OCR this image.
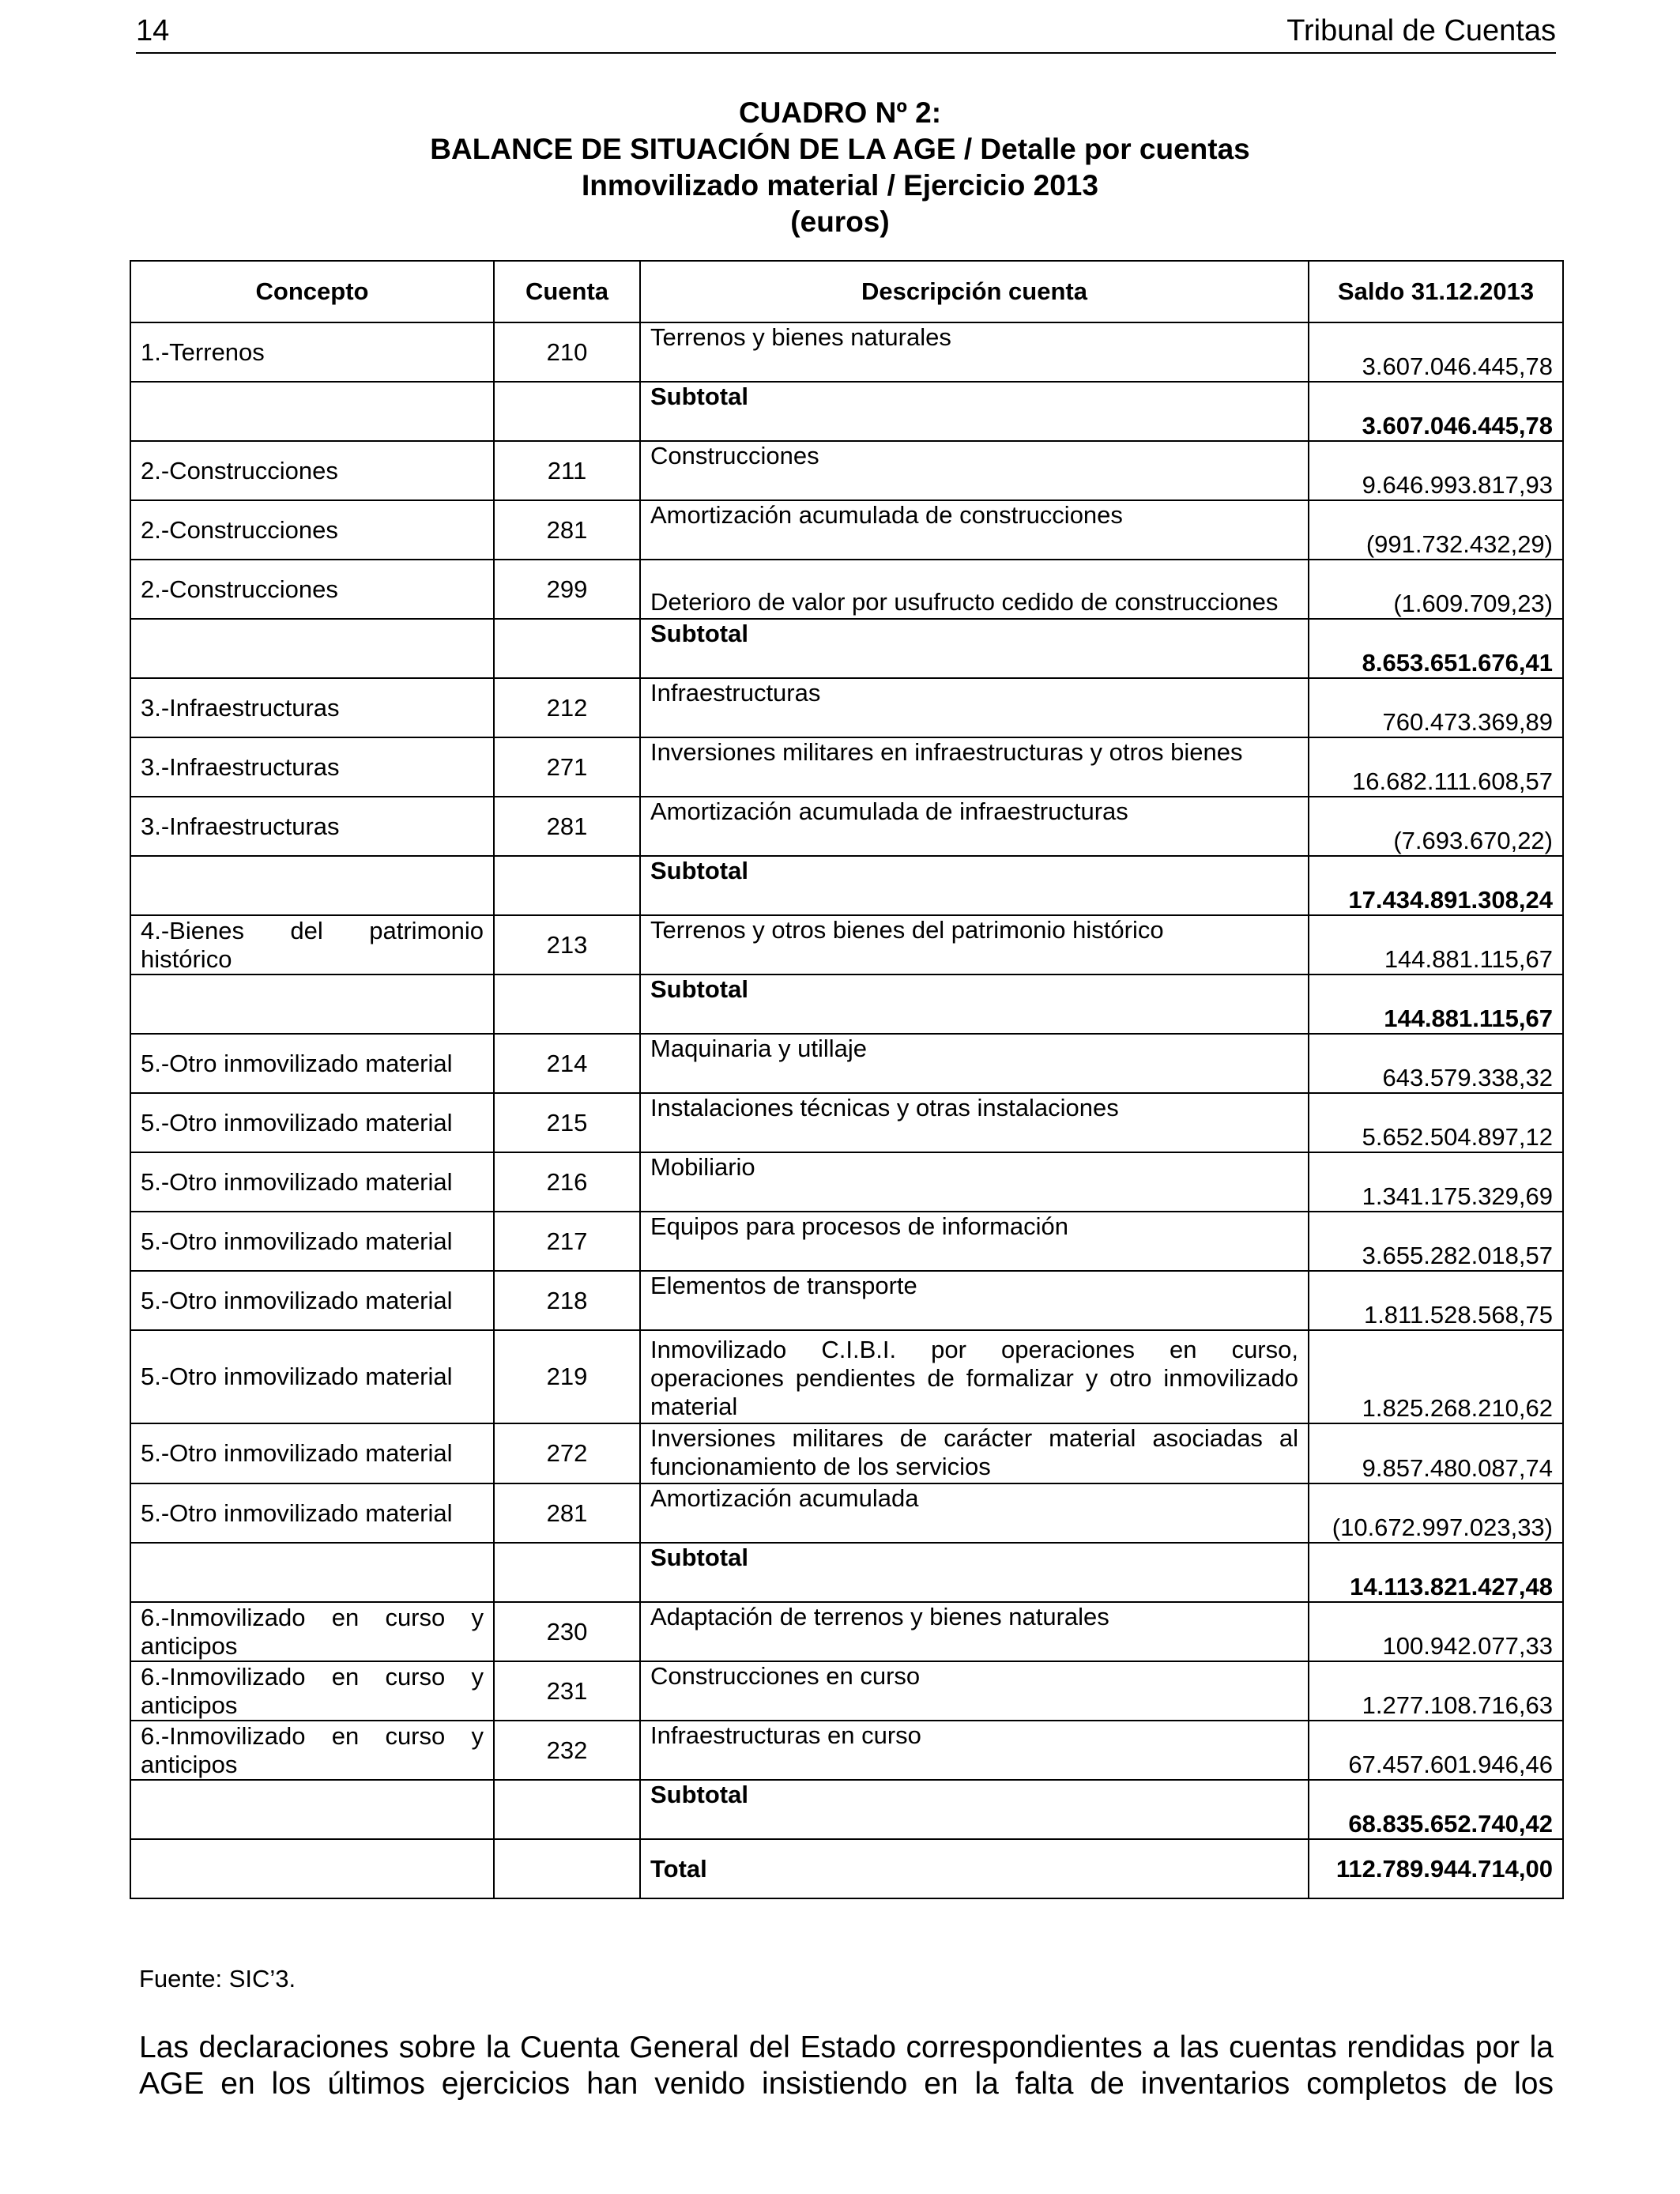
14	Tribunal de Cuentas
CUADRO Nº 2:
BALANCE DE SITUACIÓN DE LA AGE / Detalle por cuentas
Inmovilizado material / Ejercicio 2013
(euros)
Concepto	Cuenta	Descripción cuenta	Saldo 31.12.2013
1.-Terrenos	210	Terrenos y bienes naturales	3.607.046.445,78
		Subtotal	3.607.046.445,78
2.-Construcciones	211	Construcciones	9.646.993.817,93
2.-Construcciones	281	Amortización acumulada de construcciones	(991.732.432,29)
2.-Construcciones	299	Deterioro de valor por usufructo cedido de construcciones	(1.609.709,23)
		Subtotal	8.653.651.676,41
3.-Infraestructuras	212	Infraestructuras	760.473.369,89
3.-Infraestructuras	271	Inversiones militares en infraestructuras y otros bienes	16.682.111.608,57
3.-Infraestructuras	281	Amortización acumulada de infraestructuras	(7.693.670,22)
		Subtotal	17.434.891.308,24
4.-Bienes del patrimonio histórico	213	Terrenos y otros bienes del patrimonio histórico	144.881.115,67
		Subtotal	144.881.115,67
5.-Otro inmovilizado material	214	Maquinaria y utillaje	643.579.338,32
5.-Otro inmovilizado material	215	Instalaciones técnicas y otras instalaciones	5.652.504.897,12
5.-Otro inmovilizado material	216	Mobiliario	1.341.175.329,69
5.-Otro inmovilizado material	217	Equipos para procesos de información	3.655.282.018,57
5.-Otro inmovilizado material	218	Elementos de transporte	1.811.528.568,75
5.-Otro inmovilizado material	219	Inmovilizado C.I.B.I. por operaciones en curso, operaciones pendientes de formalizar y otro inmovilizado material	1.825.268.210,62
5.-Otro inmovilizado material	272	Inversiones militares de carácter material asociadas al funcionamiento de los servicios	9.857.480.087,74
5.-Otro inmovilizado material	281	Amortización acumulada	(10.672.997.023,33)
		Subtotal	14.113.821.427,48
6.-Inmovilizado en curso y anticipos	230	Adaptación de terrenos y bienes naturales	100.942.077,33
6.-Inmovilizado en curso y anticipos	231	Construcciones en curso	1.277.108.716,63
6.-Inmovilizado en curso y anticipos	232	Infraestructuras en curso	67.457.601.946,46
		Subtotal	68.835.652.740,42
		Total	112.789.944.714,00
Fuente: SIC’3.
Las declaraciones sobre la Cuenta General del Estado correspondientes a las cuentas rendidas por la AGE en los últimos ejercicios han venido insistiendo en la falta de inventarios completos de los
